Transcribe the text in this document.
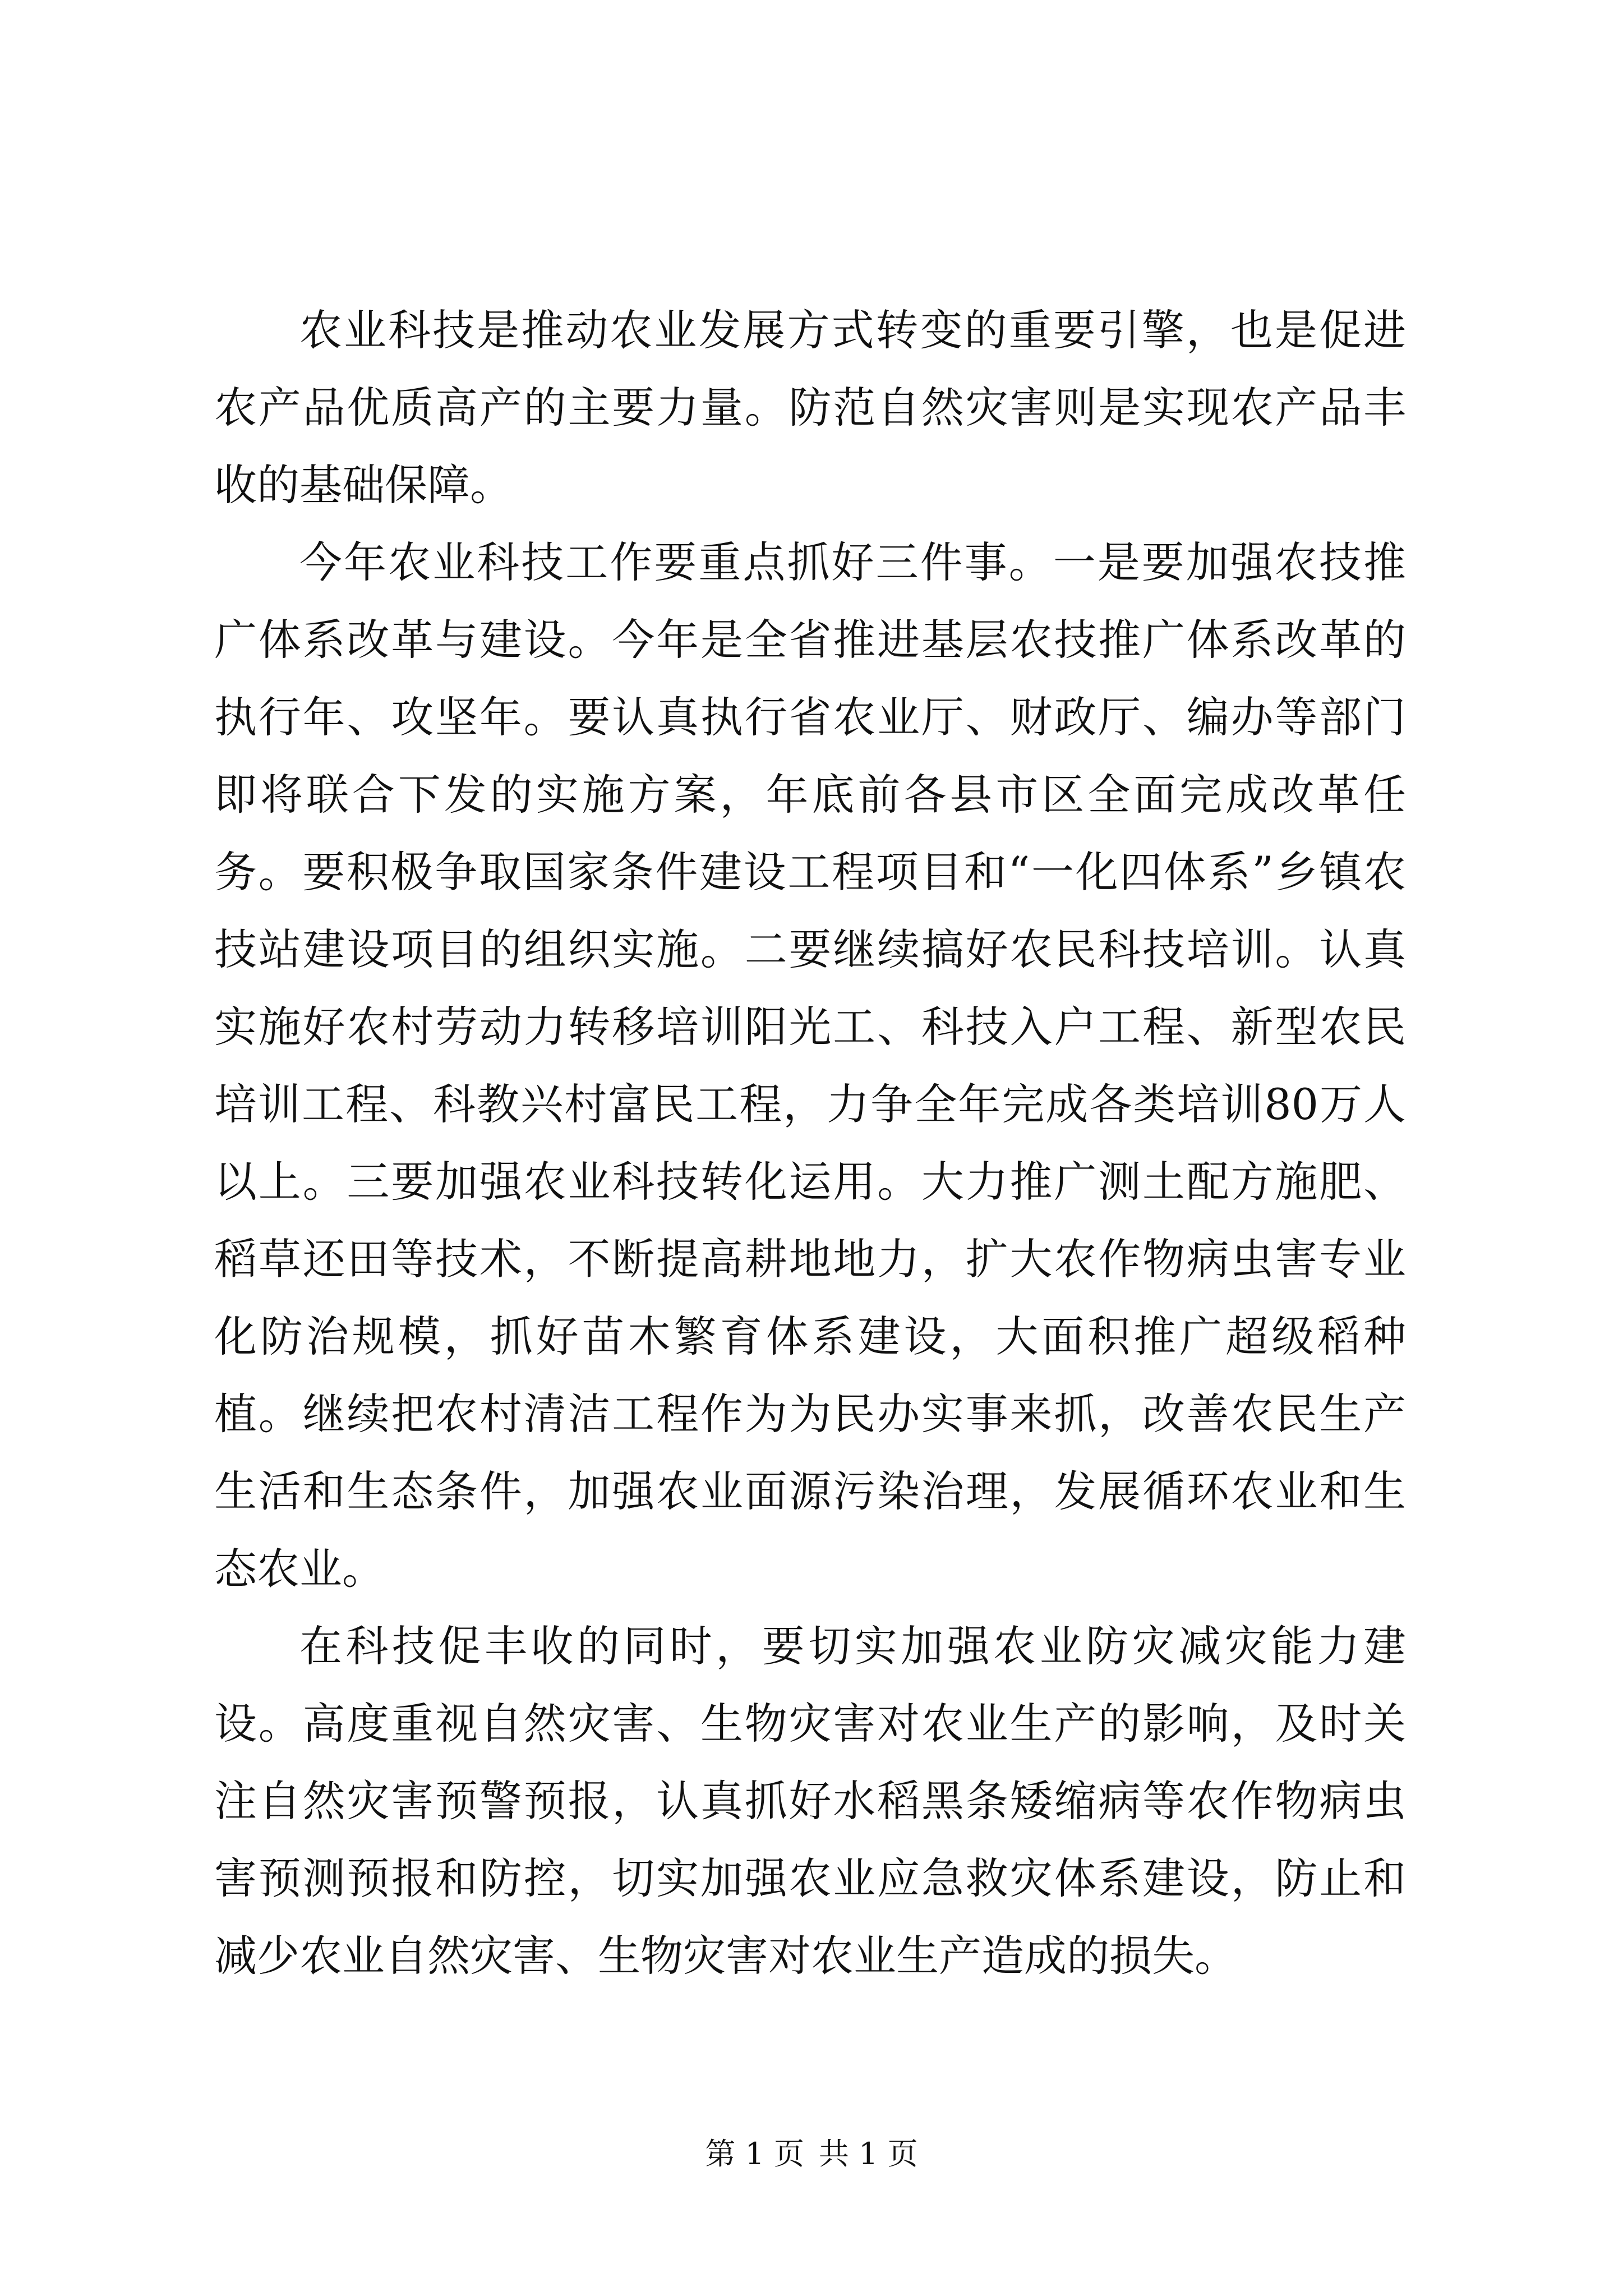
农业科技是推动农业发展方式转变的重要引擎，也是促进农产品优质高产的主要力量。防范自然灾害则是实现农产品丰收的基础保障。

今年农业科技工作要重点抓好三件事。一是要加强农技推广体系改革与建设。今年是全省推进基层农技推广体系改革的执行年、攻坚年。要认真执行省农业厅、财政厅、编办等部门即将联合下发的实施方案，年底前各县市区全面完成改革任务。要积极争取国家条件建设工程项目和“一化四体系”乡镇农技站建设项目的组织实施。二要继续搞好农民科技培训。认真实施好农村劳动力转移培训阳光工、科技入户工程、新型农民培训工程、科教兴村富民工程，力争全年完成各类培训80万人以上。三要加强农业科技转化运用。大力推广测土配方施肥、稻草还田等技术，不断提高耕地地力，扩大农作物病虫害专业化防治规模，抓好苗木繁育体系建设，大面积推广超级稻种植。继续把农村清洁工程作为为民办实事来抓，改善农民生产生活和生态条件，加强农业面源污染治理，发展循环农业和生态农业。

在科技促丰收的同时，要切实加强农业防灾减灾能力建设。高度重视自然灾害、生物灾害对农业生产的影响，及时关注自然灾害预警预报，认真抓好水稻黑条矮缩病等农作物病虫害预测预报和防控，切实加强农业应急救灾体系建设，防止和减少农业自然灾害、生物灾害对农业生产造成的损失。

第 1 页 共 1 页
